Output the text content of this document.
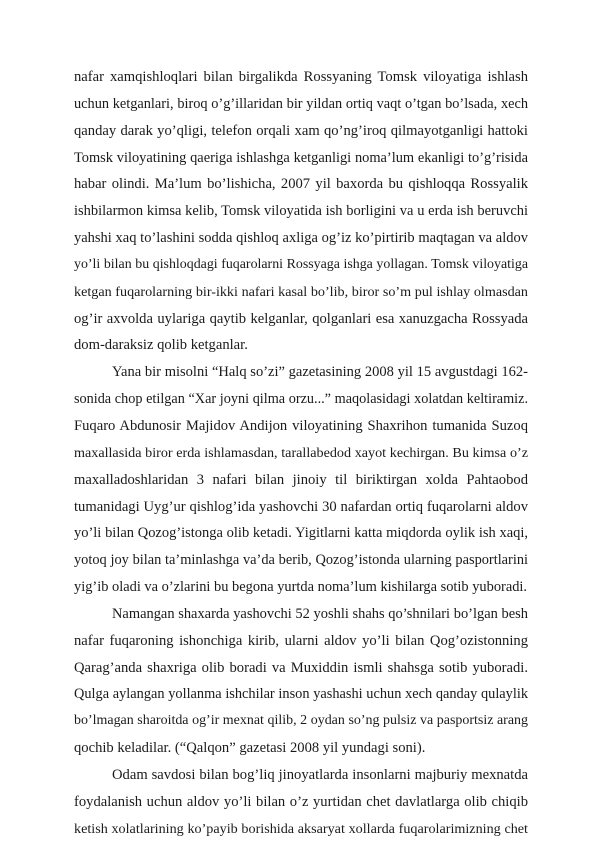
nafar xamqishloqlari bilan birgalikda Rossyaning Tomsk viloyatiga ishlash
uchun ketganlari, biroq o’g’illaridan bir yildan ortiq vaqt o’tgan bo’lsada, xech
qanday darak yo’qligi, telefon orqali xam qo’ng’iroq qilmayotganligi hattoki
Tomsk viloyatining qaeriga ishlashga ketganligi noma’lum ekanligi to’g’risida
habar olindi. Ma’lum bo’lishicha, 2007 yil baxorda bu qishloqqa Rossyalik
ishbilarmon kimsa kelib, Tomsk viloyatida ish borligini va u erda ish beruvchi
yahshi xaq to’lashini sodda qishloq axliga og’iz ko’pirtirib maqtagan va aldov
yo’li bilan bu qishloqdagi fuqarolarni Rossyaga ishga yollagan. Tomsk viloyatiga
ketgan fuqarolarning bir-ikki nafari kasal bo’lib, biror so’m pul ishlay olmasdan
og’ir axvolda uylariga qaytib kelganlar, qolganlari esa xanuzgacha Rossyada
dom-daraksiz qolib ketganlar.
Yana bir misolni “Halq so’zi” gazetasining 2008 yil 15 avgustdagi 162-
sonida chop etilgan “Xar joyni qilma orzu...” maqolasidagi xolatdan keltiramiz.
Fuqaro Abdunosir Majidov Andijon viloyatining Shaxrihon tumanida Suzoq
maxallasida biror erda ishlamasdan, tarallabedod xayot kechirgan. Bu kimsa o’z
maxalladoshlaridan 3 nafari bilan jinoiy til biriktirgan xolda Pahtaobod
tumanidagi Uyg’ur qishlog’ida yashovchi 30 nafardan ortiq fuqarolarni aldov
yo’li bilan Qozog’istonga olib ketadi. Yigitlarni katta miqdorda oylik ish xaqi,
yotoq joy bilan ta’minlashga va’da berib, Qozog’istonda ularning pasportlarini
yig’ib oladi va o’zlarini bu begona yurtda noma’lum kishilarga sotib yuboradi.
Namangan shaxarda yashovchi 52 yoshli shahs qo’shnilari bo’lgan besh
nafar fuqaroning ishonchiga kirib, ularni aldov yo’li bilan Qog’ozistonning
Qarag’anda shaxriga olib boradi va Muxiddin ismli shahsga sotib yuboradi.
Qulga aylangan yollanma ishchilar inson yashashi uchun xech qanday qulaylik
bo’lmagan sharoitda og’ir mexnat qilib, 2 oydan so’ng pulsiz va pasportsiz arang
qochib keladilar. (“Qalqon” gazetasi 2008 yil yundagi soni).
Odam savdosi bilan bog’liq jinoyatlarda insonlarni majburiy mexnatda
foydalanish uchun aldov yo’li bilan o’z yurtidan chet davlatlarga olib chiqib
ketish xolatlarining ko’payib borishida aksaryat xollarda fuqarolarimizning chet
